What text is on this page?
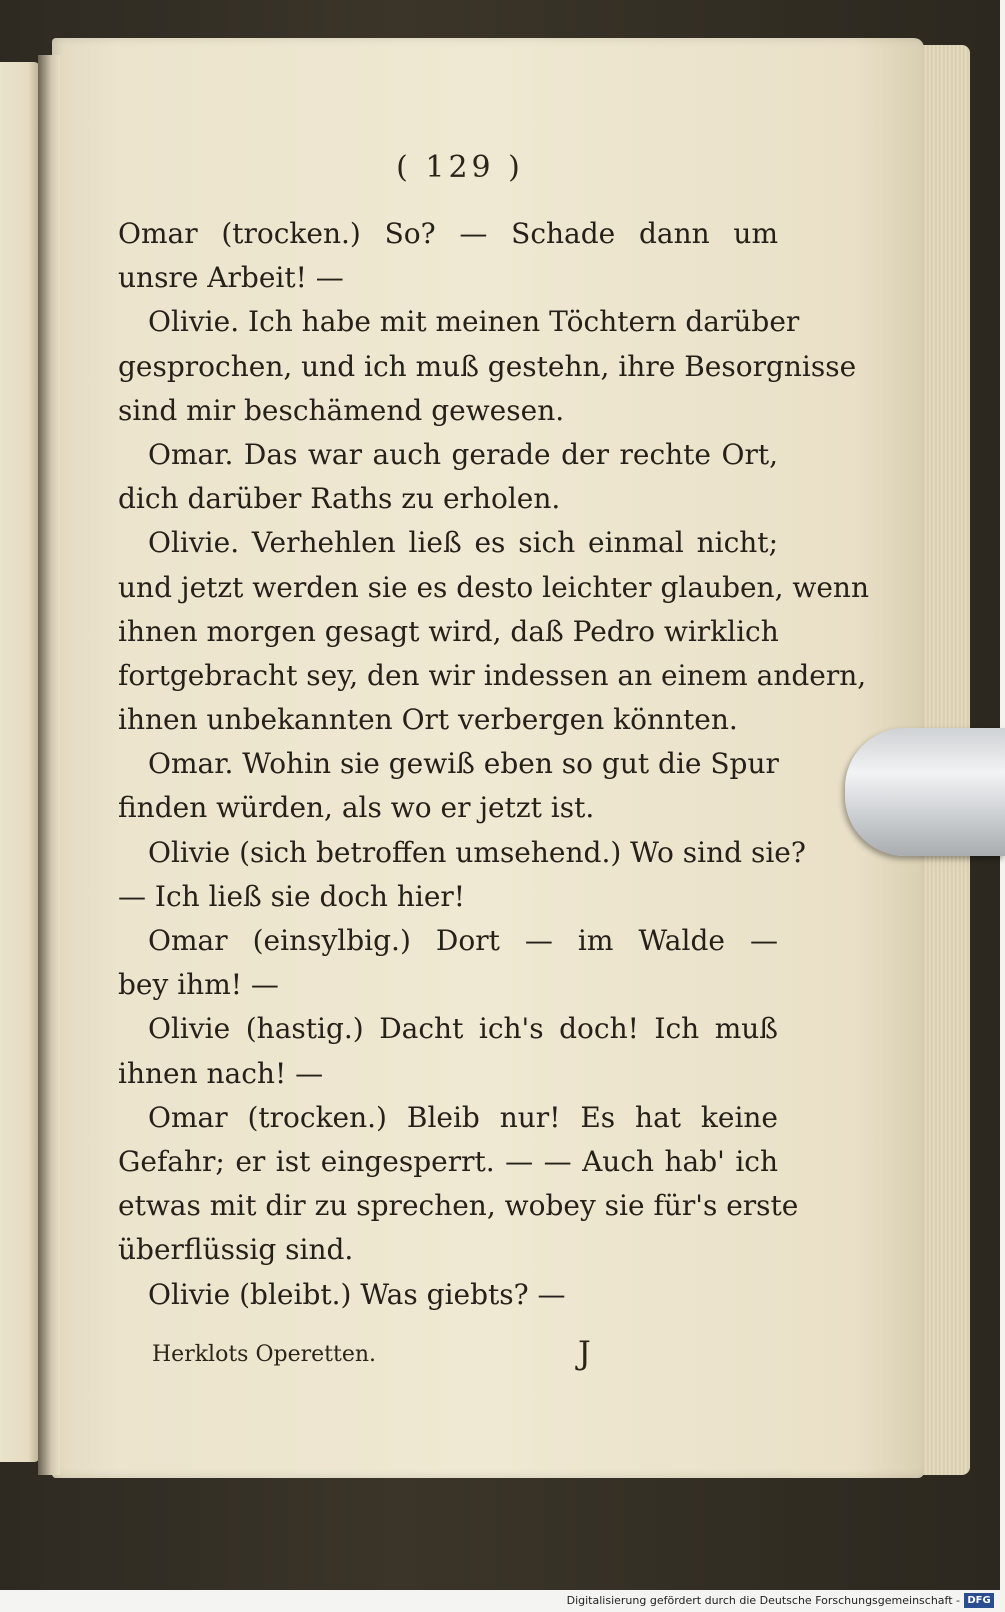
( 129 )
Omar (trocken.) So? — Schade dann um
unsre Arbeit! —
Olivie. Ich habe mit meinen Töchtern darüber
gesprochen, und ich muß gestehn, ihre Besorgnisse
sind mir beschämend gewesen.
Omar. Das war auch gerade der rechte Ort,
dich darüber Raths zu erholen.
Olivie. Verhehlen ließ es sich einmal nicht;
und jetzt werden sie es desto leichter glauben, wenn
ihnen morgen gesagt wird, daß Pedro wirklich
fortgebracht sey, den wir indessen an einem andern,
ihnen unbekannten Ort verbergen könnten.
Omar. Wohin sie gewiß eben so gut die Spur
finden würden, als wo er jetzt ist.
Olivie (sich betroffen umsehend.) Wo sind sie?
— Ich ließ sie doch hier!
Omar (einsylbig.) Dort — im Walde —
bey ihm! —
Olivie (hastig.) Dacht ich's doch! Ich muß
ihnen nach! —
Omar (trocken.) Bleib nur! Es hat keine
Gefahr; er ist eingesperrt. — — Auch hab' ich
etwas mit dir zu sprechen, wobey sie für's erste
überflüssig sind.
Olivie (bleibt.) Was giebts? —
Herklots Operetten.	J
Digitalisierung gefördert durch die Deutsche Forschungsgemeinschaft - DFG
